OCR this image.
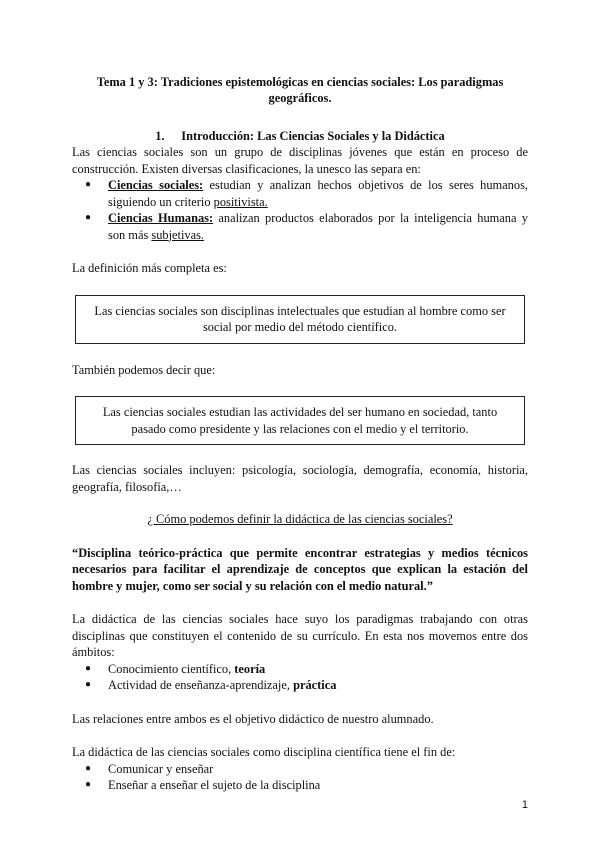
Tema 1 y 3: Tradiciones epistemológicas en ciencias sociales: Los paradigmas geográficos.

1. Introducción: Las Ciencias Sociales y la Didáctica

Las ciencias sociales son un grupo de disciplinas jóvenes que están en proceso de construcción. Existen diversas clasificaciones, la unesco las separa en:

● Ciencias sociales: estudian y analizan hechos objetivos de los seres humanos, siguiendo un criterio positivista.
● Ciencias Humanas: analizan productos elaborados por la inteligencia humana y son más subjetivas.

La definición más completa es:

Las ciencias sociales son disciplinas intelectuales que estudian al hombre como ser social por medio del método científico.

También podemos decir que:

Las ciencias sociales estudian las actividades del ser humano en sociedad, tanto pasado como presidente y las relaciones con el medio y el territorio.

Las ciencias sociales incluyen: psicología, sociología, demografía, economía, historia, geografía, filosofía,…

¿ Cómo podemos definir la didáctica de las ciencias sociales?

“Disciplina teórico-práctica que permite encontrar estrategias y medios técnicos necesarios para facilitar el aprendizaje de conceptos que explican la estación del hombre y mujer, como ser social y su relación con el medio natural.”

La didáctica de las ciencias sociales hace suyo los paradigmas trabajando con otras disciplinas que constituyen el contenido de su currículo. En esta nos movemos entre dos ámbitos:

● Conocimiento científico, teoría
● Actividad de enseñanza-aprendizaje, práctica

Las relaciones entre ambos es el objetivo didáctico de nuestro alumnado.

La didáctica de las ciencias sociales como disciplina científica tiene el fin de:

● Comunicar y enseñar
● Enseñar a enseñar el sujeto de la disciplina
1
